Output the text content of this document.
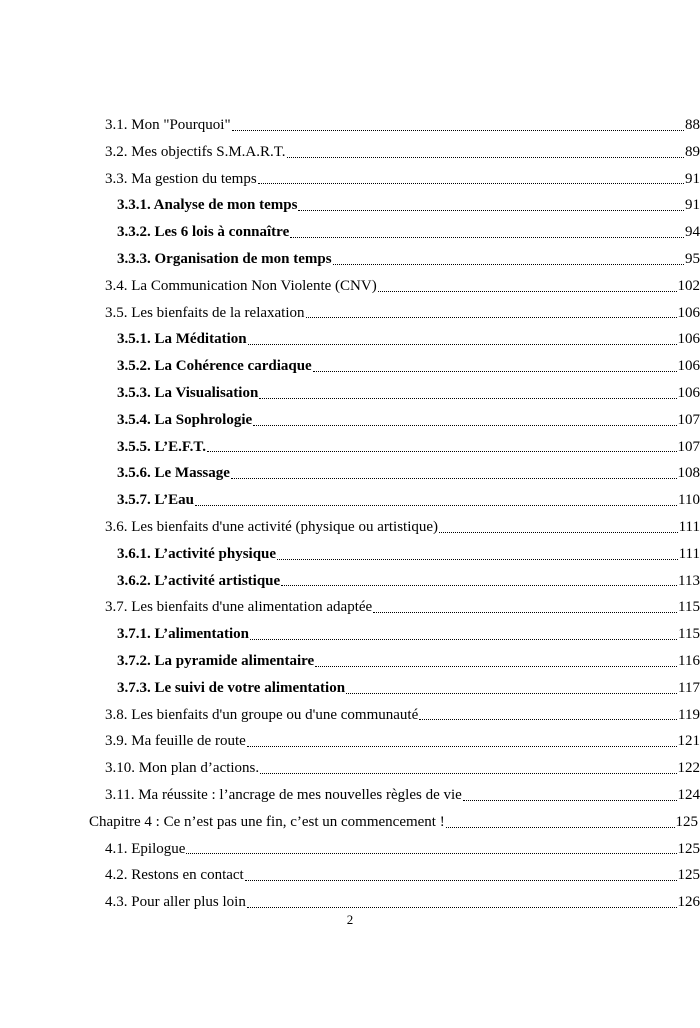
3.1. Mon "Pourquoi"	88
3.2. Mes objectifs S.M.A.R.T.	89
3.3. Ma gestion du temps	91
3.3.1. Analyse de mon temps	91
3.3.2. Les 6 lois à connaître	94
3.3.3. Organisation de mon temps	95
3.4. La Communication Non Violente (CNV)	102
3.5. Les bienfaits de la relaxation	106
3.5.1. La Méditation	106
3.5.2. La Cohérence cardiaque	106
3.5.3. La Visualisation	106
3.5.4. La Sophrologie	107
3.5.5. L’E.F.T.	107
3.5.6. Le Massage	108
3.5.7. L’Eau	110
3.6. Les bienfaits d'une activité (physique ou artistique)	111
3.6.1. L’activité physique	111
3.6.2. L’activité artistique	113
3.7. Les bienfaits d'une alimentation adaptée	115
3.7.1. L’alimentation	115
3.7.2. La pyramide alimentaire	116
3.7.3. Le suivi de votre alimentation	117
3.8. Les bienfaits d'un groupe ou d'une communauté	119
3.9. Ma feuille de route	121
3.10. Mon plan d’actions.	122
3.11. Ma réussite : l’ancrage de mes nouvelles règles de vie	124
Chapitre 4 : Ce n’est pas une fin, c’est un commencement !	125
4.1. Epilogue	125
4.2. Restons en contact	125
4.3. Pour aller plus loin	126
2
